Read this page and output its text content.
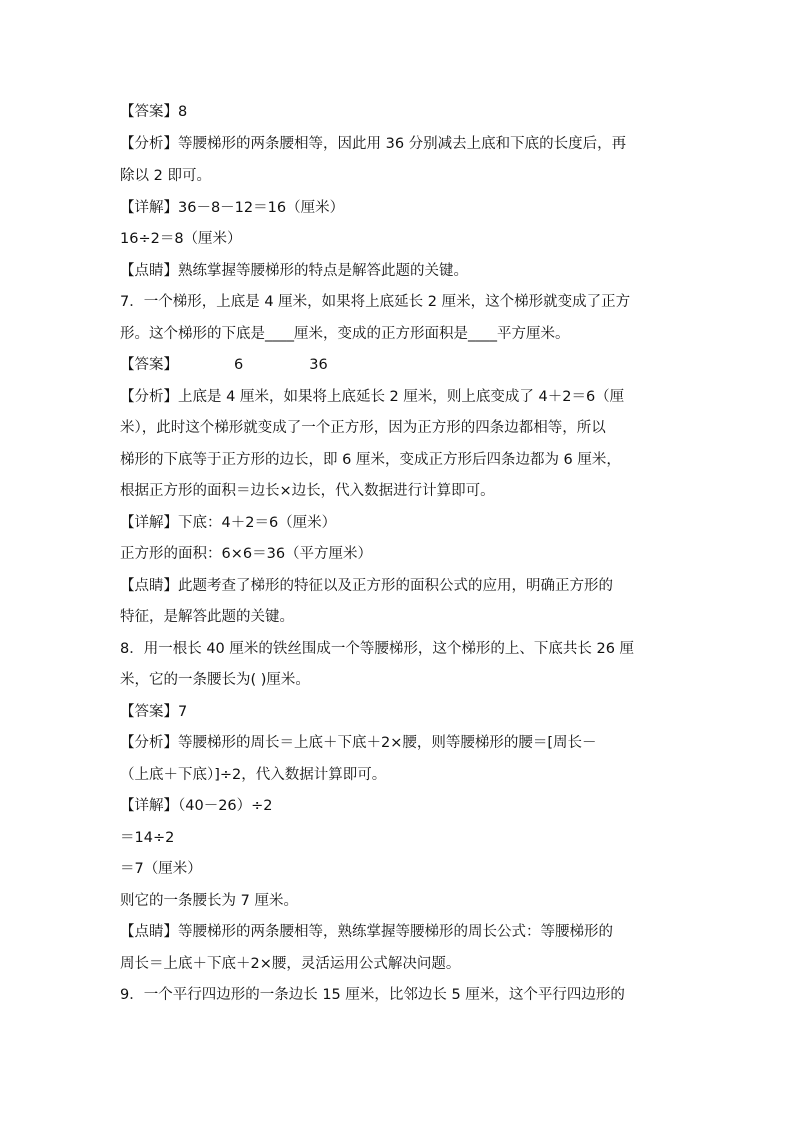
【答案】8
【分析】等腰梯形的两条腰相等，因此用 36 分别减去上底和下底的长度后，再
除以 2 即可。
【详解】36－8－12＝16（厘米）
16÷2＝8（厘米）
【点睛】熟练掌握等腰梯形的特点是解答此题的关键。
7．一个梯形，上底是 4 厘米，如果将上底延长 2 厘米，这个梯形就变成了正方
形。这个梯形的下底是____厘米，变成的正方形面积是____平方厘米。
【答案】	6	36
【分析】上底是 4 厘米，如果将上底延长 2 厘米，则上底变成了 4＋2＝6（厘
米），此时这个梯形就变成了一个正方形，因为正方形的四条边都相等，所以
梯形的下底等于正方形的边长，即 6 厘米，变成正方形后四条边都为 6 厘米，
根据正方形的面积＝边长×边长，代入数据进行计算即可。
【详解】下底：4＋2＝6（厘米）
正方形的面积：6×6＝36（平方厘米）
【点睛】此题考查了梯形的特征以及正方形的面积公式的应用，明确正方形的
特征，是解答此题的关键。
8．用一根长 40 厘米的铁丝围成一个等腰梯形，这个梯形的上、下底共长 26 厘
米，它的一条腰长为( )厘米。
【答案】7
【分析】等腰梯形的周长＝上底＋下底＋2×腰，则等腰梯形的腰＝[周长－
（上底＋下底）]÷2，代入数据计算即可。
【详解】（40－26）÷2
＝14÷2
＝7（厘米）
则它的一条腰长为 7 厘米。
【点睛】等腰梯形的两条腰相等，熟练掌握等腰梯形的周长公式：等腰梯形的
周长＝上底＋下底＋2×腰，灵活运用公式解决问题。
9．一个平行四边形的一条边长 15 厘米，比邻边长 5 厘米，这个平行四边形的
